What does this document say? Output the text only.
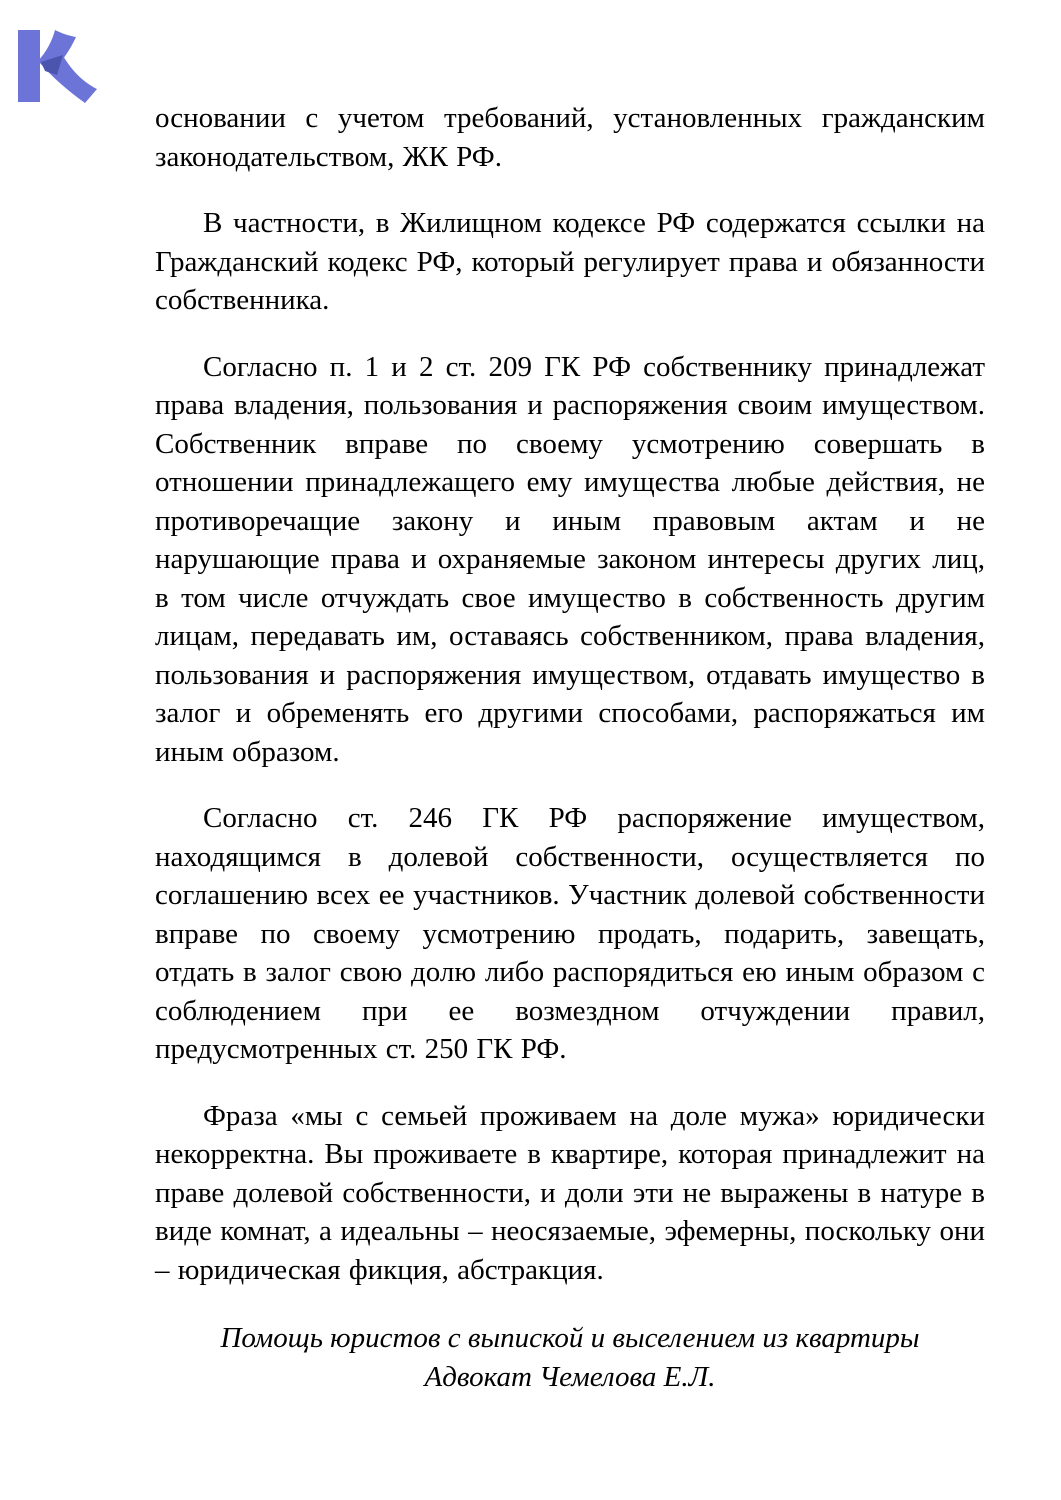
основании с учетом требований, установленных гражданским законодательством, ЖК РФ.

В частности, в Жилищном кодексе РФ содержатся ссылки на Гражданский кодекс РФ, который регулирует права и обязанности собственника.

Согласно п. 1 и 2 ст. 209 ГК РФ собственнику принадлежат права владения, пользования и распоряжения своим имуществом. Собственник вправе по своему усмотрению совершать в отношении принадлежащего ему имущества любые действия, не противоречащие закону и иным правовым актам и не нарушающие права и охраняемые законом интересы других лиц, в том числе отчуждать свое имущество в собственность другим лицам, передавать им, оставаясь собственником, права владения, пользования и распоряжения имуществом, отдавать имущество в залог и обременять его другими способами, распоряжаться им иным образом.

Согласно ст. 246 ГК РФ распоряжение имуществом, находящимся в долевой собственности, осуществляется по соглашению всех ее участников. Участник долевой собственности вправе по своему усмотрению продать, подарить, завещать, отдать в залог свою долю либо распорядиться ею иным образом с соблюдением при ее возмездном отчуждении правил, предусмотренных ст. 250 ГК РФ.

Фраза «мы с семьей проживаем на доле мужа» юридически некорректна. Вы проживаете в квартире, которая принадлежит на праве долевой собственности, и доли эти не выражены в натуре в виде комнат, а идеальны – неосязаемые, эфемерны, поскольку они – юридическая фикция, абстракция.

Помощь юристов с выпиской и выселением из квартиры

Адвокат Чемелова Е.Л.
